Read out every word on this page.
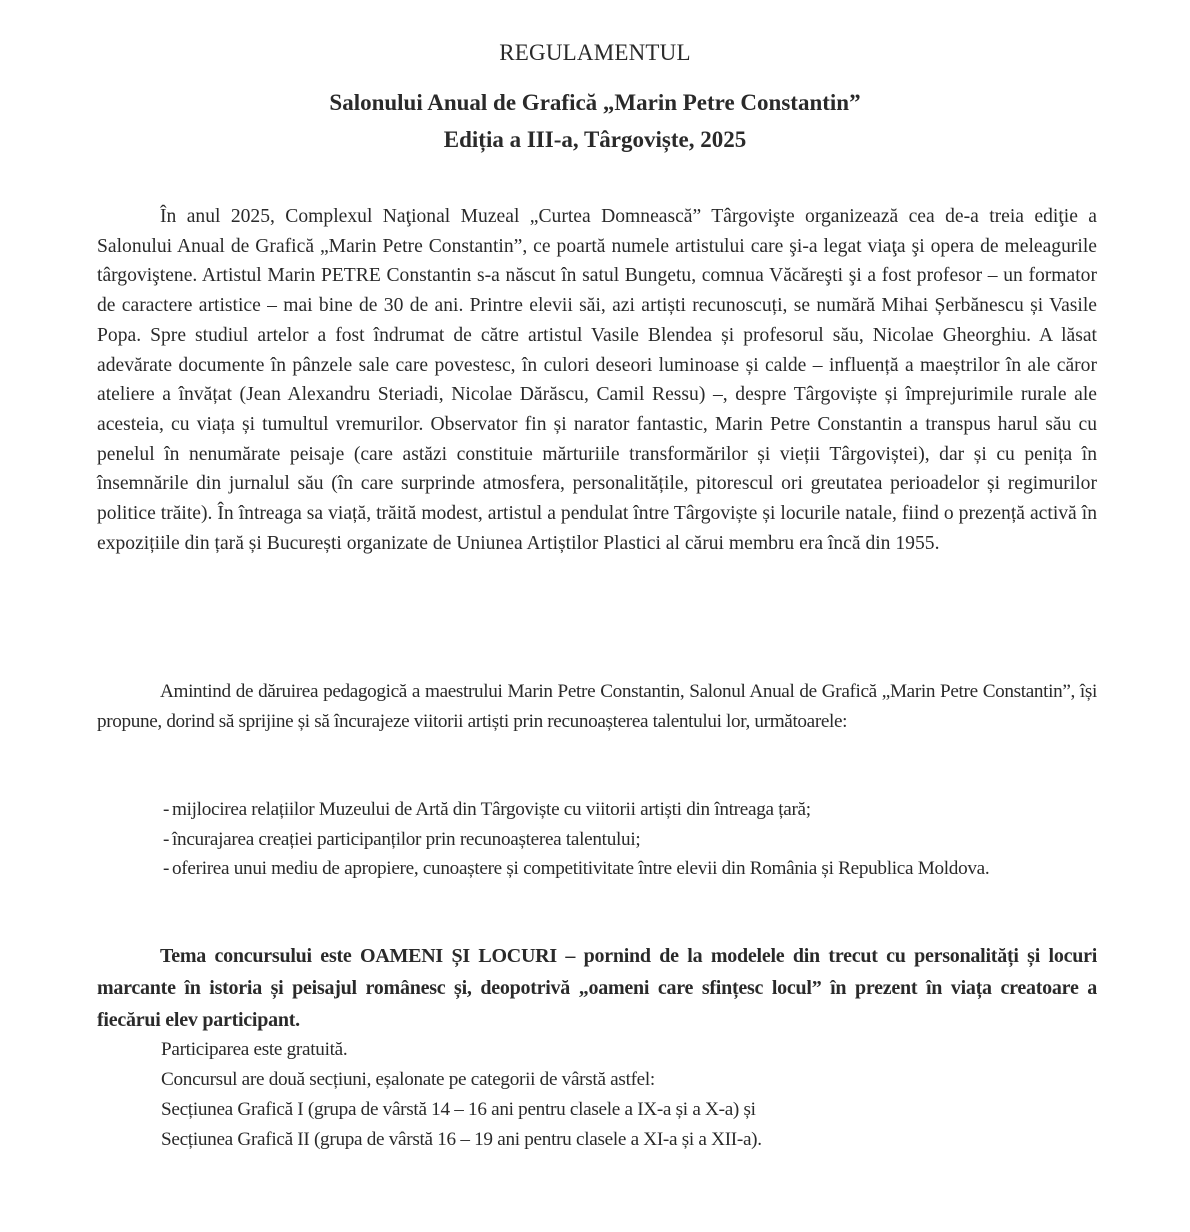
REGULAMENTUL
Salonului Anual de Grafică „Marin Petre Constantin”
Ediția a III-a, Târgoviște, 2025

În anul 2025, Complexul Naţional Muzeal „Curtea Domnească” Târgovişte organizează cea de-a treia ediţie a Salonului Anual de Grafică „Marin Petre Constantin”, ce poartă numele artistului care şi-a legat viaţa şi opera de meleagurile târgoviştene. Artistul Marin PETRE Constantin s-a născut în satul Bungetu, comnua Văcăreşti şi a fost profesor – un formator de caractere artistice – mai bine de 30 de ani. Printre elevii săi, azi artiști recunoscuți, se numără Mihai Șerbănescu și Vasile Popa. Spre studiul artelor a fost îndrumat de către artistul Vasile Blendea și profesorul său, Nicolae Gheorghiu. A lăsat adevărate documente în pânzele sale care povestesc, în culori deseori luminoase și calde – influență a maeștrilor în ale căror ateliere a învățat (Jean Alexandru Steriadi, Nicolae Dărăscu, Camil Ressu) –, despre Târgoviște și împrejurimile rurale ale acesteia, cu viața și tumultul vremurilor. Observator fin și narator fantastic, Marin Petre Constantin a transpus harul său cu penelul în nenumărate peisaje (care astăzi constituie mărturiile transformărilor și vieții Târgoviștei), dar și cu penița în însemnările din jurnalul său (în care surprinde atmosfera, personalitățile, pitorescul ori greutatea perioadelor și regimurilor politice trăite). În întreaga sa viață, trăită modest, artistul a pendulat între Târgoviște și locurile natale, fiind o prezență activă în expozițiile din țară și București organizate de Uniunea Artiștilor Plastici al cărui membru era încă din 1955.

Amintind de dăruirea pedagogică a maestrului Marin Petre Constantin, Salonul Anual de Grafică „Marin Petre Constantin”, își propune, dorind să sprijine și să încurajeze viitorii artiști prin recunoașterea talentului lor, următoarele:

- mijlocirea relațiilor Muzeului de Artă din Târgoviște cu viitorii artiști din întreaga țară;
- încurajarea creației participanților prin recunoașterea talentului;
- oferirea unui mediu de apropiere, cunoaștere și competitivitate între elevii din România și Republica Moldova.

Tema concursului este OAMENI ȘI LOCURI – pornind de la modelele din trecut cu personalități și locuri marcante în istoria și peisajul românesc și, deopotrivă „oameni care sfințesc locul” în prezent în viața creatoare a fiecărui elev participant.

Participarea este gratuită.
Concursul are două secțiuni, eșalonate pe categorii de vârstă astfel:
Secțiunea Grafică I (grupa de vârstă 14 – 16 ani pentru clasele a IX-a și a X-a) și
Secțiunea Grafică II (grupa de vârstă 16 – 19 ani pentru clasele a XI-a și a XII-a).
